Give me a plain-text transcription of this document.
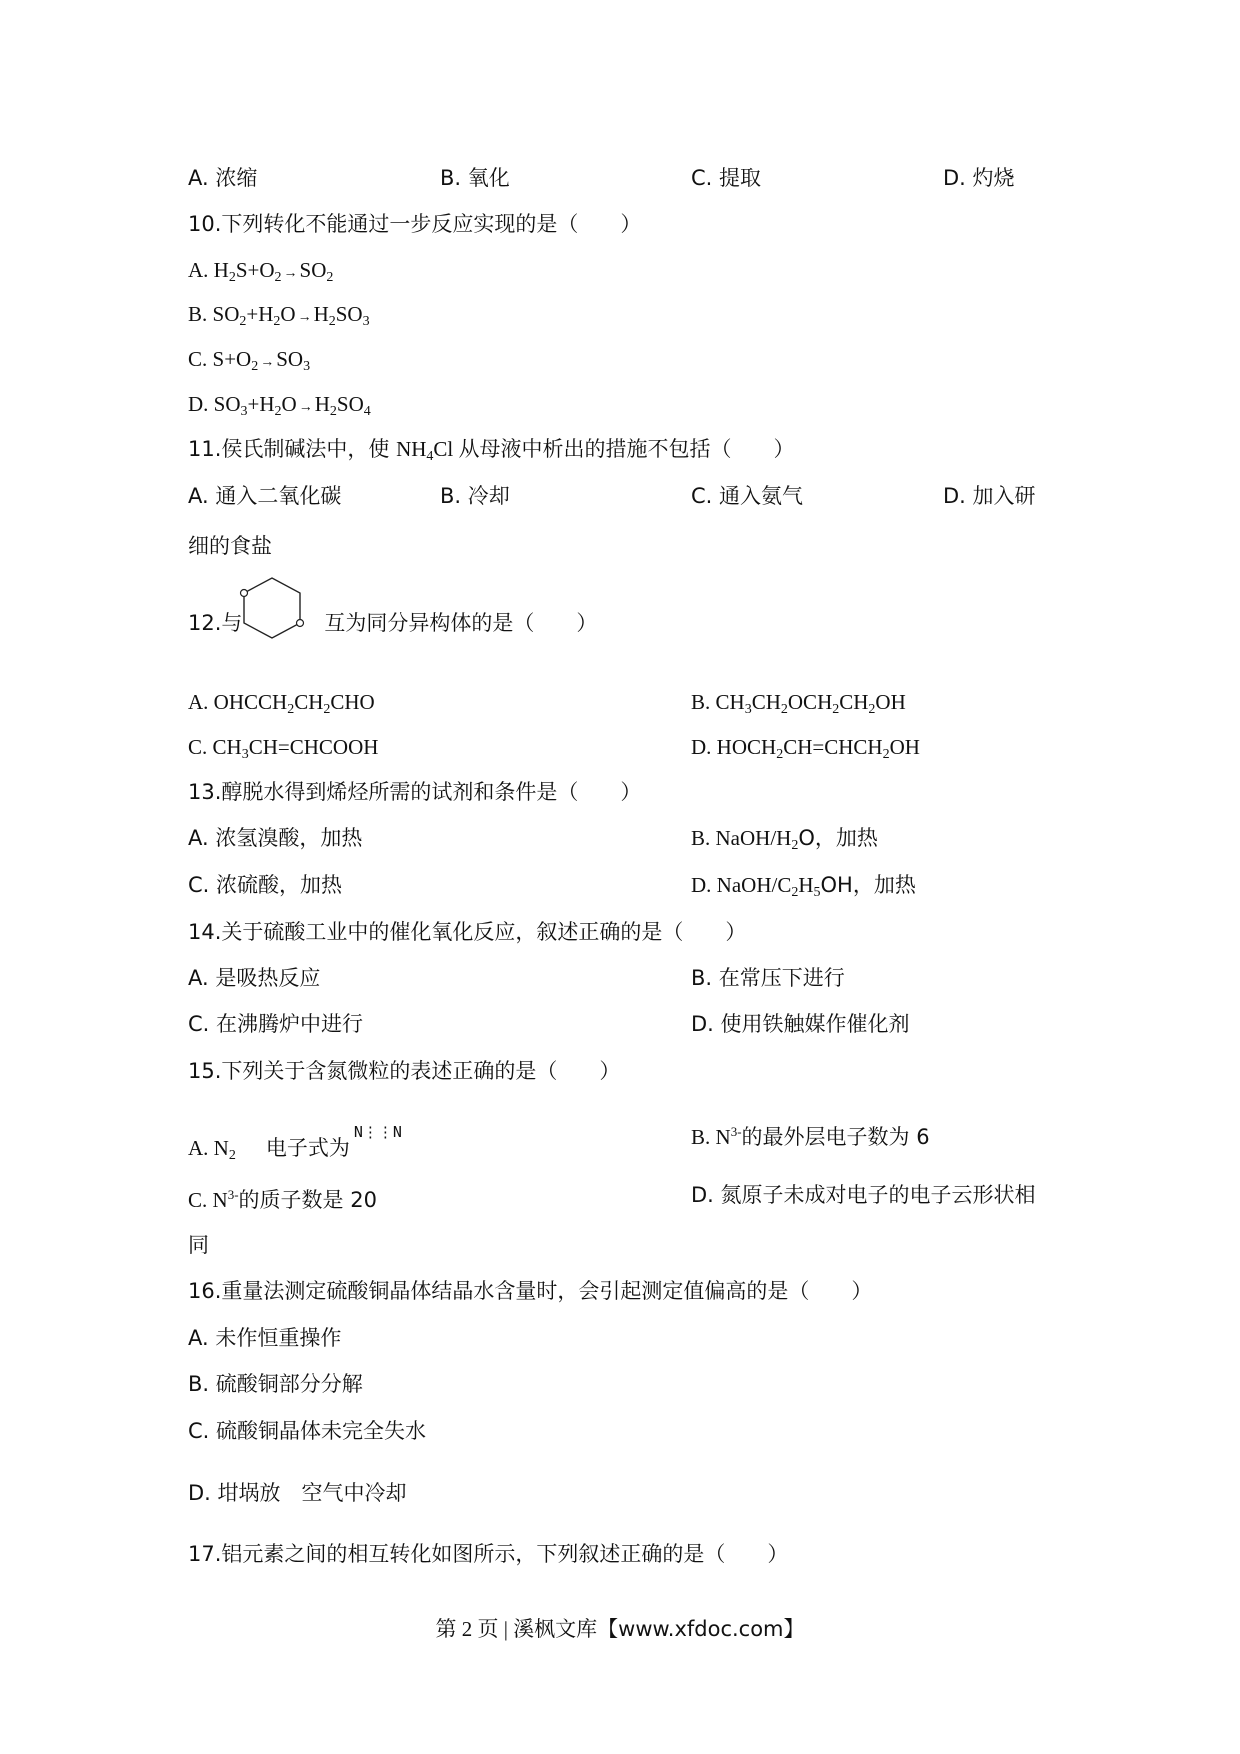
A. 浓缩	B. 氧化	C. 提取	D. 灼烧
10.下列转化不能通过一步反应实现的是（　　）
A. $H_2S+O_2 \to SO_2$
B. $SO_2+H_2O \to H_2SO_3$
C. $S+O_2 \to SO_3$
D. $SO_3+H_2O \to H_2SO_4$
11.侯氏制碱法中，使 $NH_4Cl$ 从母液中析出的措施不包括（　　）
A. 通入二氧化碳	B. 冷却	C. 通入氨气	D. 加入研
细的食盐
12.与	互为同分异构体的是（　　）
A. $OHCCH_2CH_2CHO$	B. $CH_3CH_2OCH_2CH_2OH$
C. $CH_3CH=CHCOOH$	D. $HOCH_2CH=CHCH_2OH$
13.醇脱水得到烯烃所需的试剂和条件是（　　）
A. 浓氢溴酸，加热	B. NaOH/$H_2O$，加热
C. 浓硫酸，加热	D. NaOH/$C_2H_5OH$，加热
14.关于硫酸工业中的催化氧化反应，叙述正确的是（　　）
A. 是吸热反应	B. 在常压下进行
C. 在沸腾炉中进行	D. 使用铁触媒作催化剂
15.下列关于含氮微粒的表述正确的是（　　）
A. $N_2$ 电子式为$^{N⋮⋮N}$	B. $N^{3-}$的最外层电子数为 6
C. $N^{3-}$的质子数是 20	D. 氮原子未成对电子的电子云形状相
同
16.重量法测定硫酸铜晶体结晶水含量时，会引起测定值偏高的是（　　）
A. 未作恒重操作
B. 硫酸铜部分分解
C. 硫酸铜晶体未完全失水
D. 坩埚放　空气中冷却
17.铝元素之间的相互转化如图所示，下列叙述正确的是（　　）
第 2 页 | 溪枫文库【www.xfdoc.com】
